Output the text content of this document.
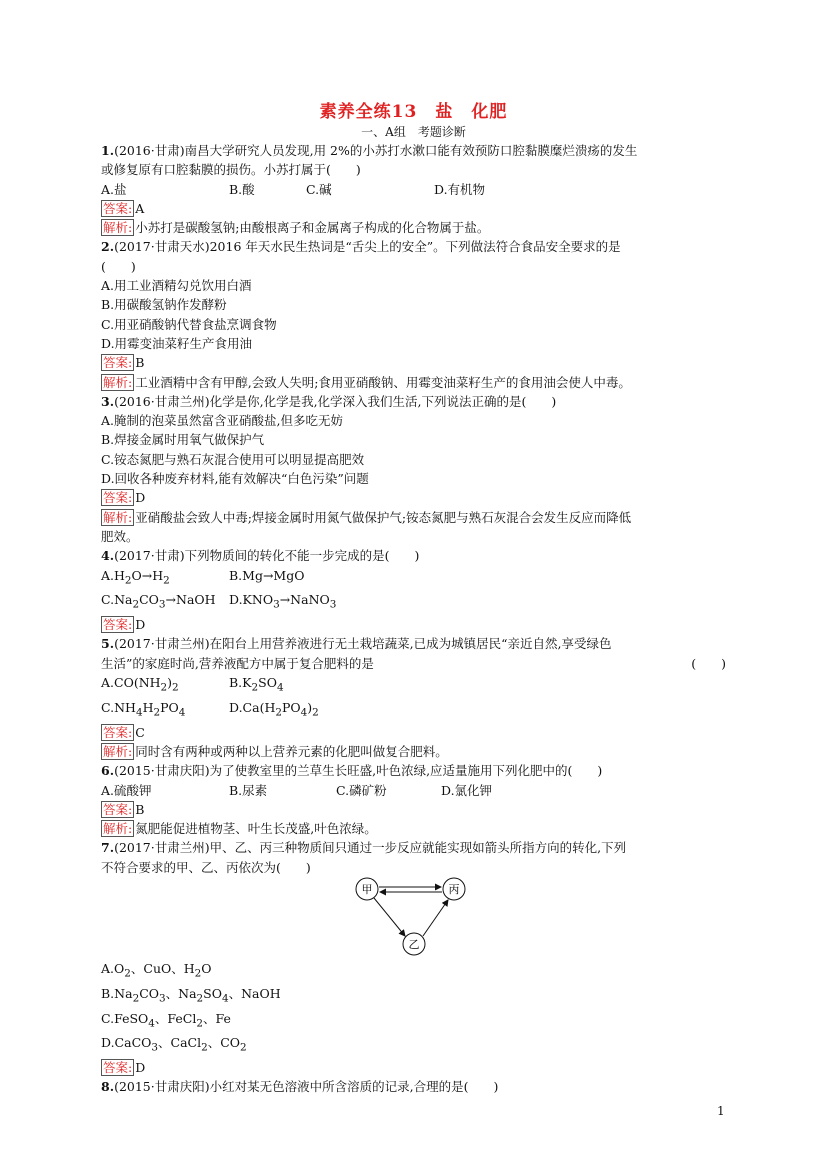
素养全练13　盐　化肥
一、A组　考题诊断
1.(2016·甘肃)南昌大学研究人员发现,用 2%的小苏打水漱口能有效预防口腔黏膜糜烂溃疡的发生
或修复原有口腔黏膜的损伤。小苏打属于(　　)
A.盐	B.酸	C.碱	D.有机物
答案: A
解析: 小苏打是碳酸氢钠;由酸根离子和金属离子构成的化合物属于盐。
2.(2017·甘肃天水)2016 年天水民生热词是“舌尖上的安全”。下列做法符合食品安全要求的是
(　　)
A.用工业酒精勾兑饮用白酒
B.用碳酸氢钠作发酵粉
C.用亚硝酸钠代替食盐烹调食物
D.用霉变油菜籽生产食用油
答案: B
解析: 工业酒精中含有甲醇,会致人失明;食用亚硝酸钠、用霉变油菜籽生产的食用油会使人中毒。
3.(2016·甘肃兰州)化学是你,化学是我,化学深入我们生活,下列说法正确的是(　　)
A.腌制的泡菜虽然富含亚硝酸盐,但多吃无妨
B.焊接金属时用氧气做保护气
C.铵态氮肥与熟石灰混合使用可以明显提高肥效
D.回收各种废弃材料,能有效解决“白色污染”问题
答案: D
解析: 亚硝酸盐会致人中毒;焊接金属时用氮气做保护气;铵态氮肥与熟石灰混合会发生反应而降低
肥效。
4.(2017·甘肃)下列物质间的转化不能一步完成的是(　　)
$A.H_2O\to H_2$	B.Mg→MgO
$C.Na_2CO_3\to NaOH$	$D.KNO_3\to NaNO_3$
答案: D
5.(2017·甘肃兰州)在阳台上用营养液进行无土栽培蔬菜,已成为城镇居民“亲近自然,享受绿色
生活”的家庭时尚,营养液配方中属于复合肥料的是	(　　)
$A.CO(NH_2)_2$	$B.K_2SO_4$
$C.NH_4H_2PO_4$	$D.Ca(H_2PO_4)_2$
答案: C
解析: 同时含有两种或两种以上营养元素的化肥叫做复合肥料。
6.(2015·甘肃庆阳)为了使教室里的兰草生长旺盛,叶色浓绿,应适量施用下列化肥中的(　　)
A.硫酸钾	B.尿素	C.磷矿粉	D.氯化钾
答案: B
解析: 氮肥能促进植物茎、叶生长茂盛,叶色浓绿。
7.(2017·甘肃兰州)甲、乙、丙三种物质间只通过一步反应就能实现如箭头所指方向的转化,下列
不符合要求的甲、乙、丙依次为(　　)
甲	丙
乙
$A.O_2$、CuO、$H_2O$
$B.Na_2CO_3$、$Na_2SO_4$、NaOH
C.FeSO$_4$、FeCl$_2$、Fe
D.CaCO$_3$、CaCl$_2$、$CO_2$
答案: D
8.(2015·甘肃庆阳)小红对某无色溶液中所含溶质的记录,合理的是(　　)
1
